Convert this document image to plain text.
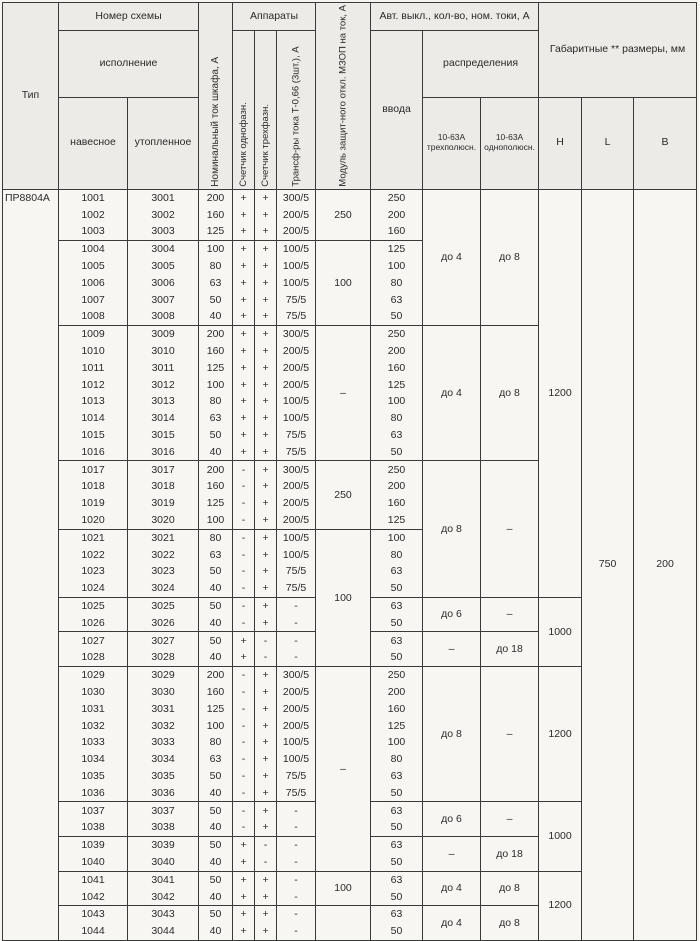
Тип	Номер схемы		Номинальный ток шкафа, А	Аппараты			Модуль защит-ного откл. МЗОП на ток, А	Авт. выкл., кол-во, ном. токи, А			Габаритные ** размеры, мм		
	исполнение			Счетчик однофазн.	Счетчик трехфазн.	Трансф-ры тока Т-0,66 (3шт.), А		ввода	распределения				
	навесное	утопленное							10-63А трехполюсн.	10-63А однополюсн.	H	L	B
ПР8804А	1001	3001	200	+	+	300/5	250	250	до 4	до 8	1200	750	200
	1002	3002	160	+	+	200/5		200					
	1003	3003	125	+	+	200/5		160					
	1004	3004	100	+	+	100/5	100	125					
	1005	3005	80	+	+	100/5		100					
	1006	3006	63	+	+	100/5		80					
	1007	3007	50	+	+	75/5		63					
	1008	3008	40	+	+	75/5		50					
	1009	3009	200	+	+	300/5	–	250	до 4	до 8			
	1010	3010	160	+	+	200/5		200					
	1011	3011	125	+	+	200/5		160					
	1012	3012	100	+	+	200/5		125					
	1013	3013	80	+	+	100/5		100					
	1014	3014	63	+	+	100/5		80					
	1015	3015	50	+	+	75/5		63					
	1016	3016	40	+	+	75/5		50					
	1017	3017	200	-	+	300/5	250	250	до 8	–			
	1018	3018	160	-	+	200/5		200					
	1019	3019	125	-	+	200/5		160					
	1020	3020	100	-	+	200/5		125					
	1021	3021	80	-	+	100/5	100	100					
	1022	3022	63	-	+	100/5		80					
	1023	3023	50	-	+	75/5		63					
	1024	3024	40	-	+	75/5		50					
	1025	3025	50	-	+	-		63	до 6	–	1000		
	1026	3026	40	-	+	-		50					
	1027	3027	50	+	-	-		63	–	до 18			
	1028	3028	40	+	-	-		50					
	1029	3029	200	-	+	300/5	–	250	до 8	–	1200		
	1030	3030	160	-	+	200/5		200					
	1031	3031	125	-	+	200/5		160					
	1032	3032	100	-	+	200/5		125					
	1033	3033	80	-	+	100/5		100					
	1034	3034	63	-	+	100/5		80					
	1035	3035	50	-	+	75/5		63					
	1036	3036	40	-	+	75/5		50					
	1037	3037	50	-	+	-		63	до 6	–	1000		
	1038	3038	40	-	+	-		50					
	1039	3039	50	+	-	-		63	–	до 18			
	1040	3040	40	+	-	-		50					
	1041	3041	50	+	+	-	100	63	до 4	до 8	1200		
	1042	3042	40	+	+	-		50					
	1043	3043	50	+	+	-		63	до 4	до 8			
	1044	3044	40	+	+	-		50					
